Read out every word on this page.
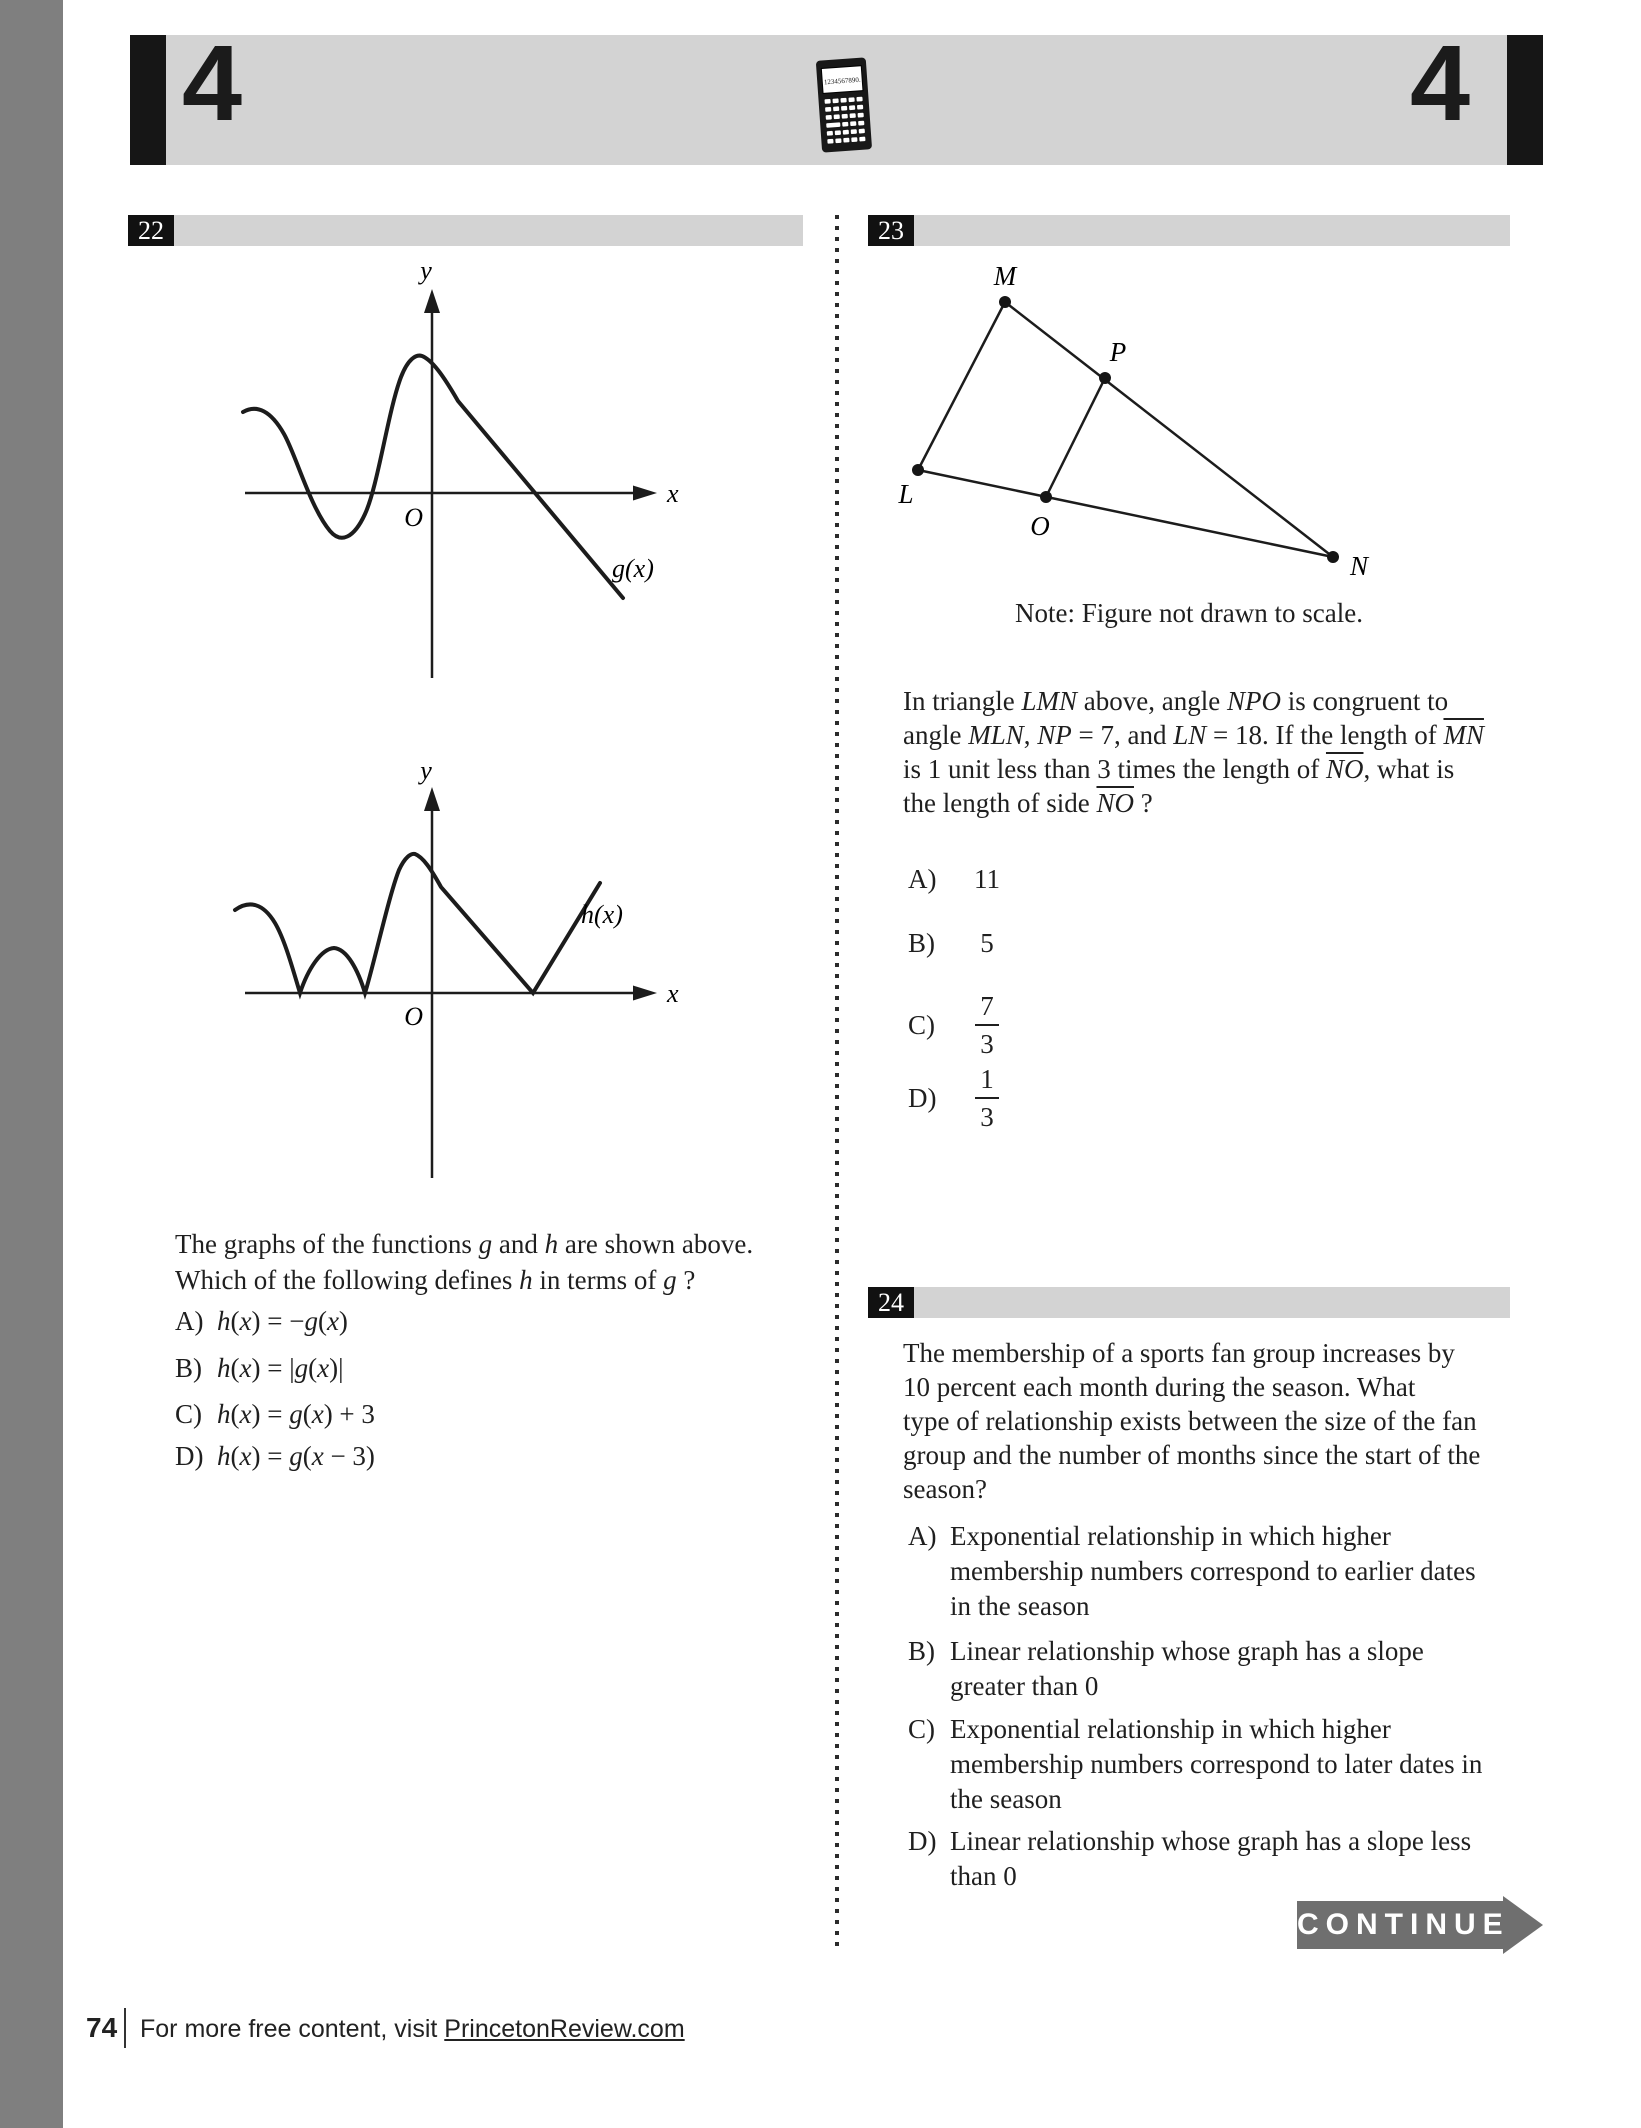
4	4
1234567890.
22
y
x
O
g(x)
y
x
O
h(x)
The graphs of the functions g and h are shown above.
Which of the following defines h in terms of g ?
A) h(x) = −g(x)
B) h(x) = |g(x)|
C) h(x) = g(x) + 3
D) h(x) = g(x − 3)
23
M
P
L
O
N
Note: Figure not drawn to scale.
In triangle LMN above, angle NPO is congruent to
angle MLN, NP = 7, and LN = 18. If the length of $\overline{MN}$
is 1 unit less than 3 times the length of $\overline{NO}$, what is
the length of side $\overline{NO}$ ?
A)	11
B)	5
C)	$\frac{7}{3}$
D)	$\frac{1}{3}$
24
The membership of a sports fan group increases by
10 percent each month during the season. What
type of relationship exists between the size of the fan
group and the number of months since the start of the
season?
A) Exponential relationship in which higher
membership numbers correspond to earlier dates
in the season
B) Linear relationship whose graph has a slope
greater than 0
C) Exponential relationship in which higher
membership numbers correspond to later dates in
the season
D) Linear relationship whose graph has a slope less
than 0
CONTINUE
74 For more free content, visit PrincetonReview.com
